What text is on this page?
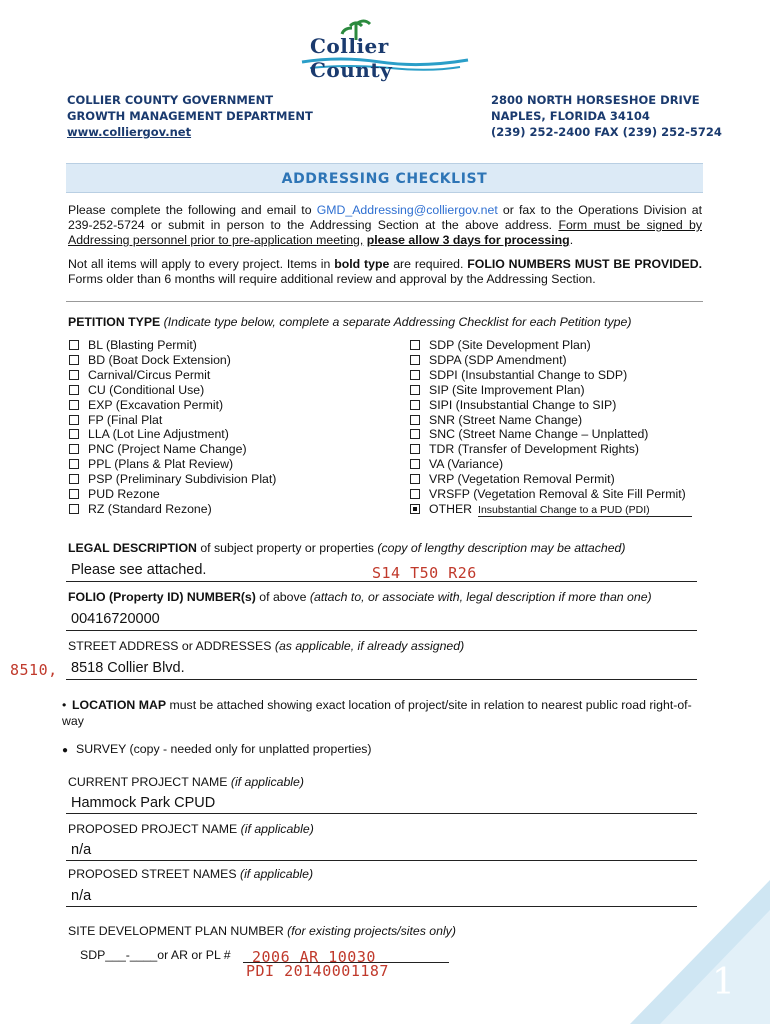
Collier County
COLLIER COUNTY GOVERNMENT
GROWTH MANAGEMENT DEPARTMENT
www.colliergov.net
2800 NORTH HORSESHOE DRIVE
NAPLES, FLORIDA 34104
(239) 252-2400 FAX (239) 252-5724
ADDRESSING CHECKLIST
Please complete the following and email to GMD_Addressing@colliergov.net or fax to the Operations Division at 239-252-5724 or submit in person to the Addressing Section at the above address. Form must be signed by Addressing personnel prior to pre-application meeting, please allow 3 days for processing.
Not all items will apply to every project. Items in bold type are required. FOLIO NUMBERS MUST BE PROVIDED. Forms older than 6 months will require additional review and approval by the Addressing Section.
PETITION TYPE (Indicate type below, complete a separate Addressing Checklist for each Petition type)
BL (Blasting Permit)
BD (Boat Dock Extension)
Carnival/Circus Permit
CU (Conditional Use)
EXP (Excavation Permit)
FP (Final Plat
LLA (Lot Line Adjustment)
PNC (Project Name Change)
PPL (Plans & Plat Review)
PSP (Preliminary Subdivision Plat)
PUD Rezone
RZ (Standard Rezone)
SDP (Site Development Plan)
SDPA (SDP Amendment)
SDPI (Insubstantial Change to SDP)
SIP (Site Improvement Plan)
SIPI (Insubstantial Change to SIP)
SNR (Street Name Change)
SNC (Street Name Change – Unplatted)
TDR (Transfer of Development Rights)
VA (Variance)
VRP (Vegetation Removal Permit)
VRSFP (Vegetation Removal & Site Fill Permit)
OTHER Insubstantial Change to a PUD (PDI)
LEGAL DESCRIPTION of subject property or properties (copy of lengthy description may be attached)
Please see attached.	S14 T50 R26
FOLIO (Property ID) NUMBER(s) of above (attach to, or associate with, legal description if more than one)
00416720000
STREET ADDRESS or ADDRESSES (as applicable, if already assigned)
8510, 8518 Collier Blvd.
• LOCATION MAP must be attached showing exact location of project/site in relation to nearest public road right-of-way
● SURVEY (copy - needed only for unplatted properties)
CURRENT PROJECT NAME (if applicable)
Hammock Park CPUD
PROPOSED PROJECT NAME (if applicable)
n/a
PROPOSED STREET NAMES (if applicable)
n/a
SITE DEVELOPMENT PLAN NUMBER (for existing projects/sites only)
SDP___-____or AR or PL # 2006 AR 10030
PDI 20140001187	1
